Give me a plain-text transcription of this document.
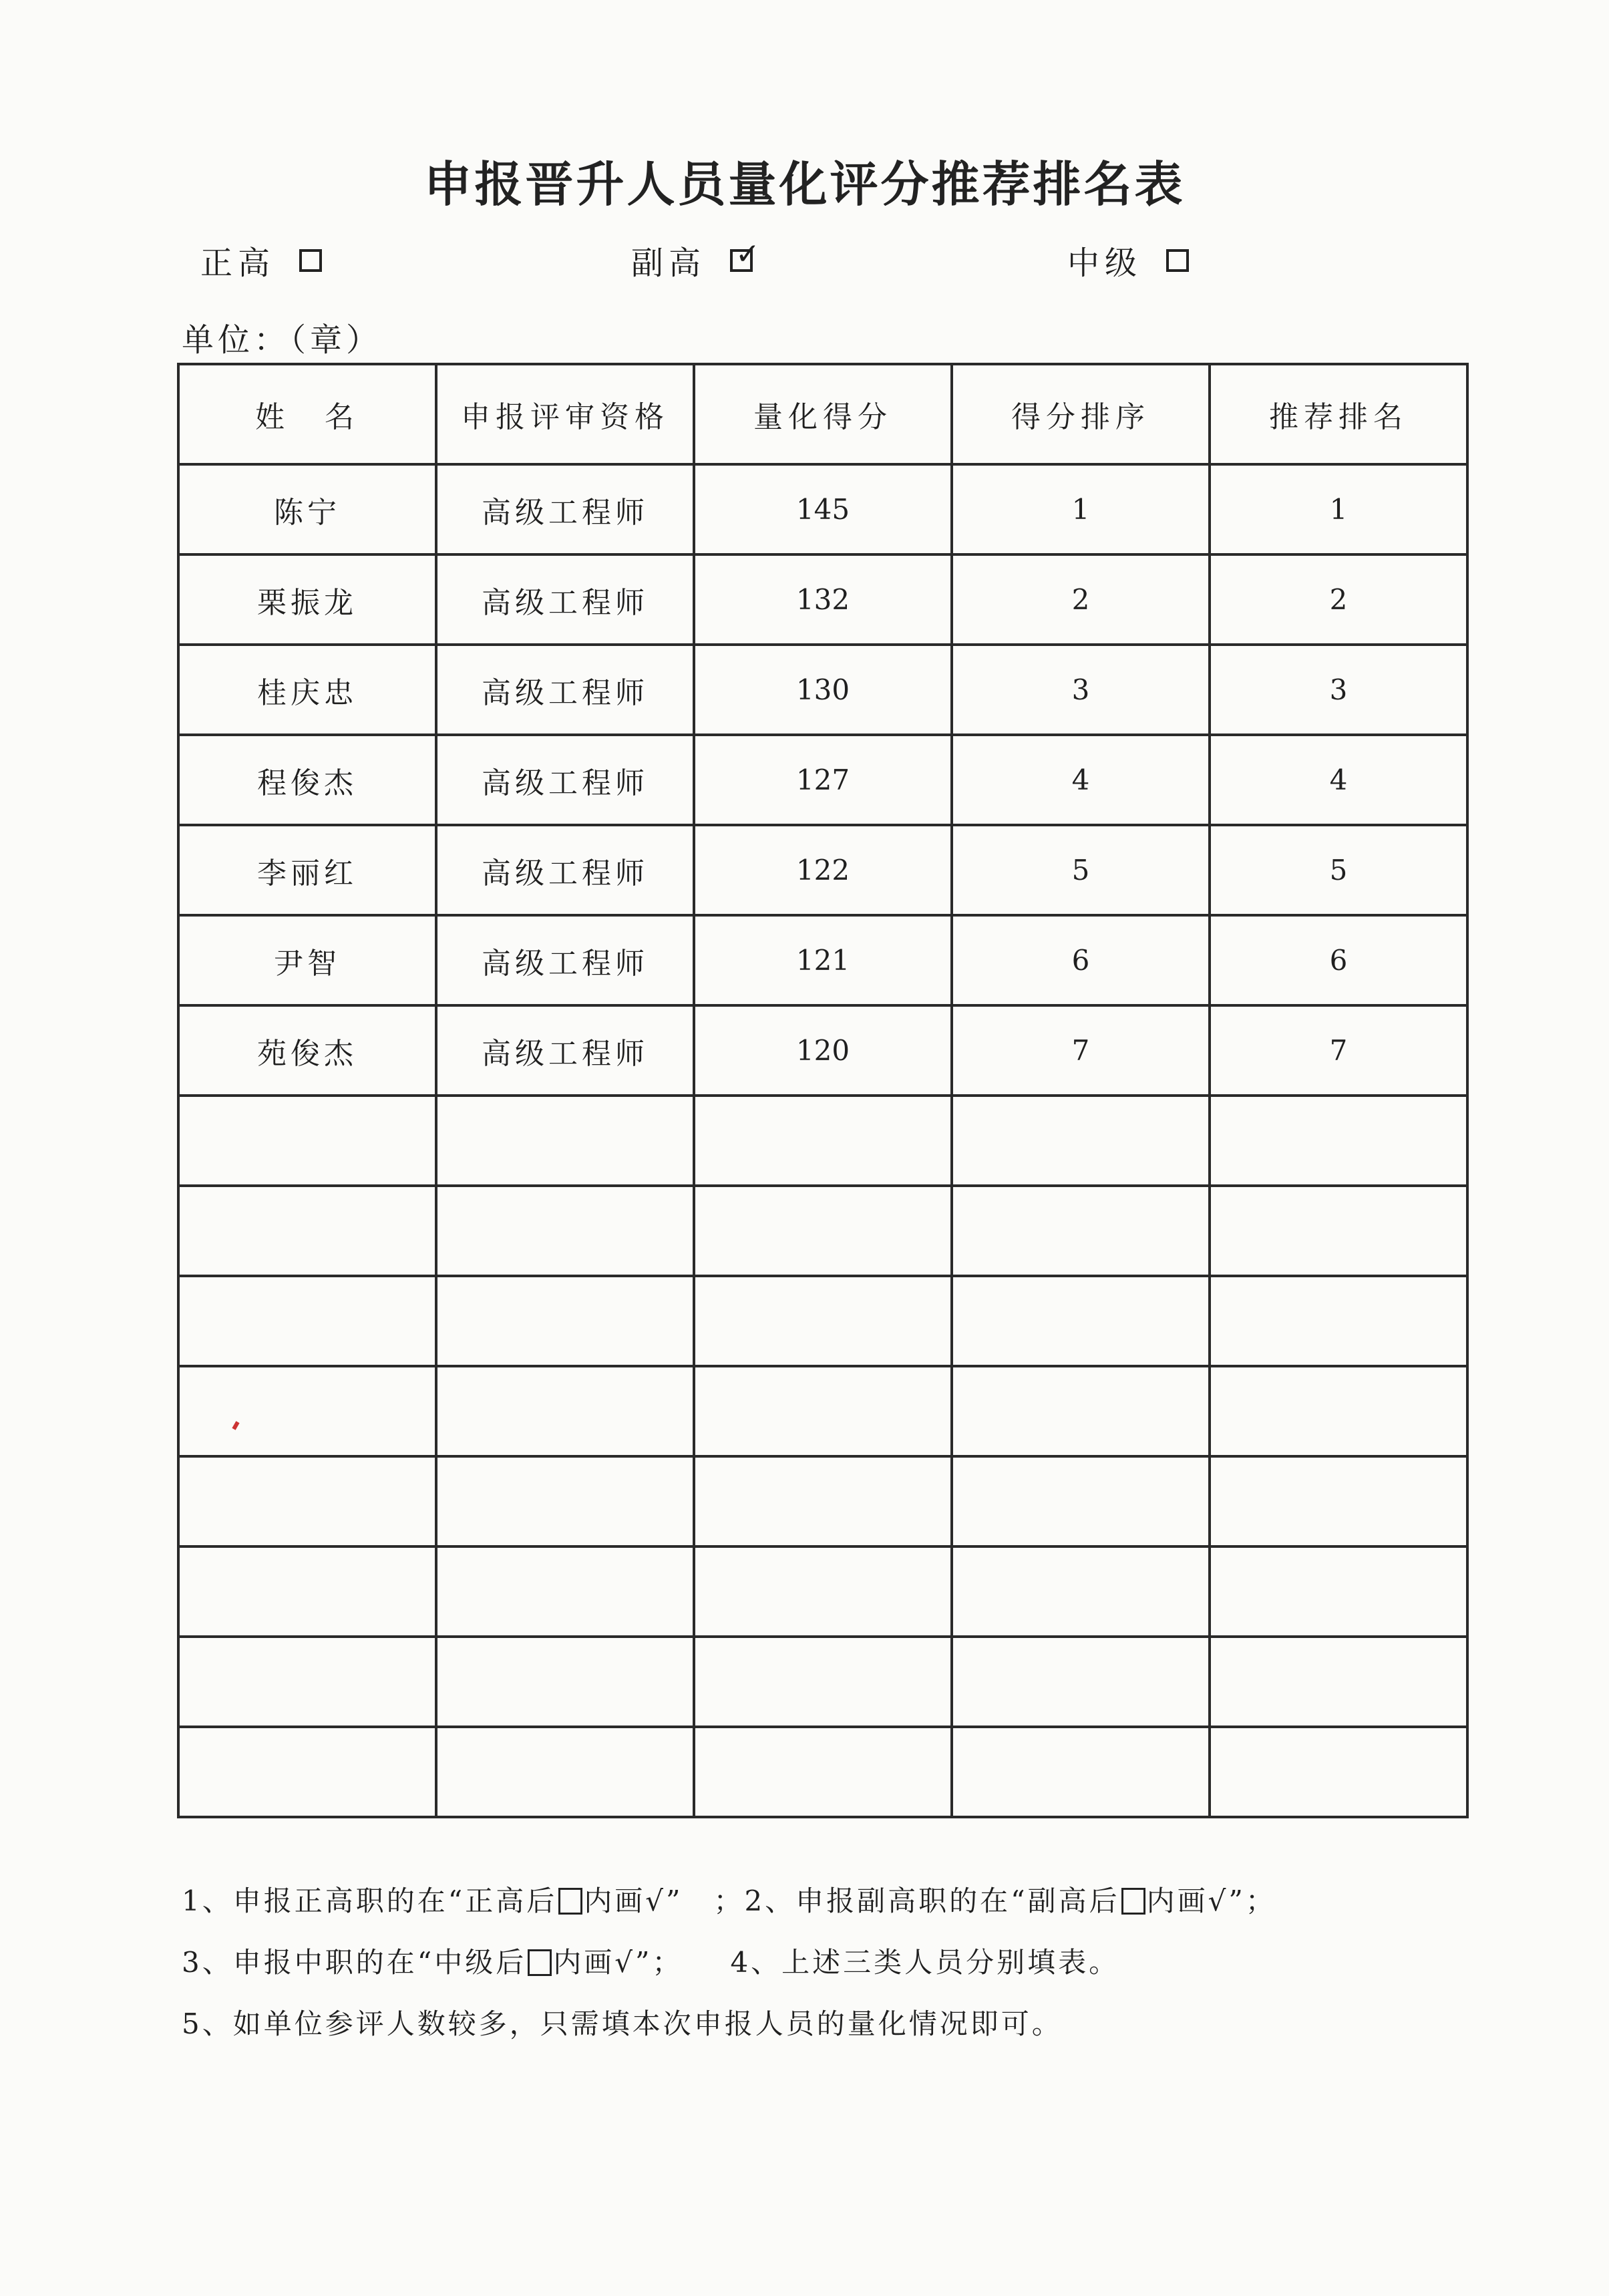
申报晋升人员量化评分推荐排名表
正高	副高 ✓	中级
单位：（章）
姓　名	申报评审资格	量化得分	得分排序	推荐排名
陈宁	高级工程师	145	1	1
栗振龙	高级工程师	132	2	2
桂庆忠	高级工程师	130	3	3
程俊杰	高级工程师	127	4	4
李丽红	高级工程师	122	5	5
尹智	高级工程师	121	6	6
苑俊杰	高级工程师	120	7	7

1、申报正高职的在“正高后 内画√”　；2、申报副高职的在“副高后 内画√”；
3、申报中职的在“中级后 内画√”；　　4、上述三类人员分别填表。
5、如单位参评人数较多，只需填本次申报人员的量化情况即可。
